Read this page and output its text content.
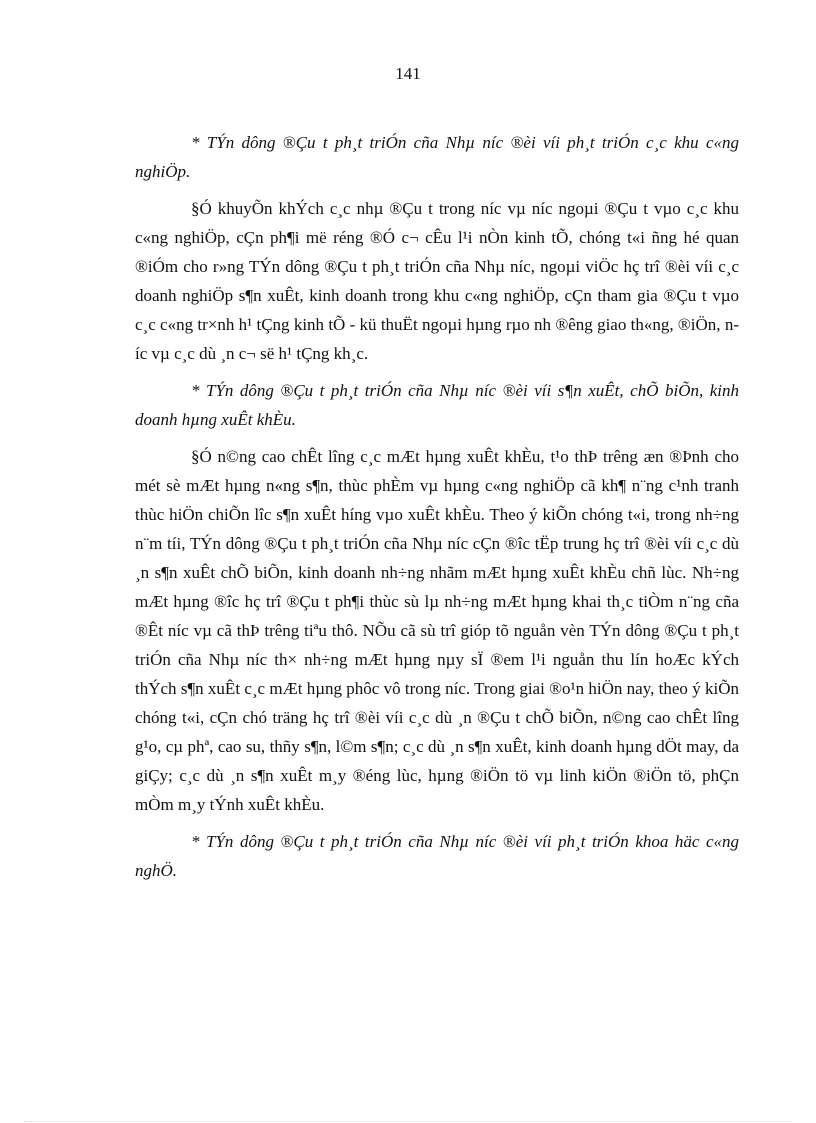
141

* TÝn dông ®Çu t ph¸t triÓn cña Nhµ níc ®èi víi ph¸t triÓn c¸c khu c«ng nghiÖp.

§Ó khuyÕn khÝch c¸c nhµ ®Çu t trong níc vµ níc ngoµi ®Çu t vµo c¸c khu c«ng nghiÖp, cÇn ph¶i më réng ®Ó c¬ cÊu l¹i nÒn kinh tÕ, chóng t«i ñng hé quan ®iÓm cho r»ng TÝn dông ®Çu t ph¸t triÓn cña Nhµ níc, ngoµi viÖc hç trî ®èi víi c¸c doanh nghiÖp s¶n xuÊt, kinh doanh trong khu c«ng nghiÖp, cÇn tham gia ®Çu t vµo c¸c c«ng tr×nh h¹ tÇng kinh tÕ - kü thuËt ngoµi hµng rµo nh ®êng giao th«ng, ®iÖn, níc vµ c¸c dù ¸n c¬ së h¹ tÇng kh¸c.

* TÝn dông ®Çu t ph¸t triÓn cña Nhµ níc ®èi víi s¶n xuÊt, chÕ biÕn, kinh doanh hµng xuÊt khÈu.

§Ó n©ng cao chÊt lîng c¸c mÆt hµng xuÊt khÈu, t¹o thÞ trêng æn ®Þnh cho mét sè mÆt hµng n«ng s¶n, thùc phÈm vµ hµng c«ng nghiÖp cã kh¶ n¨ng c¹nh tranh thùc hiÖn chiÕn lîc s¶n xuÊt híng vµo xuÊt khÈu. Theo ý kiÕn chóng t«i, trong nh÷ng n¨m tíi, TÝn dông ®Çu t ph¸t triÓn cña Nhµ níc cÇn ®îc tËp trung hç trî ®èi víi c¸c dù ¸n s¶n xuÊt chÕ biÕn, kinh doanh nh÷ng nhãm mÆt hµng xuÊt khÈu chñ lùc. Nh÷ng mÆt hµng ®îc hç trî ®Çu t ph¶i thùc sù lµ nh÷ng mÆt hµng khai th¸c tiÒm n¨ng cña ®Êt níc vµ cã thÞ trêng tiªu thô. NÕu cã sù trî gióp tõ nguån vèn TÝn dông ®Çu t ph¸t triÓn cña Nhµ níc th× nh÷ng mÆt hµng nµy sÏ ®em l¹i nguån thu lín hoÆc kÝch thÝch s¶n xuÊt c¸c mÆt hµng phôc vô trong níc. Trong giai ®o¹n hiÖn nay, theo ý kiÕn chóng t«i, cÇn chó träng hç trî ®èi víi c¸c dù ¸n ®Çu t chÕ biÕn, n©ng cao chÊt lîng g¹o, cµ phª, cao su, thñy s¶n, l©m s¶n; c¸c dù ¸n s¶n xuÊt, kinh doanh hµng dÖt may, da giÇy; c¸c dù ¸n s¶n xuÊt m¸y ®éng lùc, hµng ®iÖn tö vµ linh kiÖn ®iÖn tö, phÇn mÒm m¸y tÝnh xuÊt khÈu.

* TÝn dông ®Çu t ph¸t triÓn cña Nhµ níc ®èi víi ph¸t triÓn khoa häc c«ng nghÖ.
